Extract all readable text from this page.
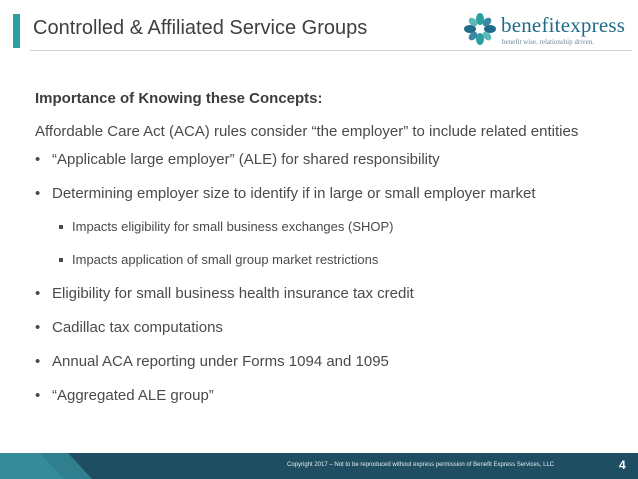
Controlled & Affiliated Service Groups	benefitexpress
benefit wise. relationship driven.
Importance of Knowing these Concepts:
Affordable Care Act (ACA) rules consider “the employer” to include related entities
• “Applicable large employer” (ALE) for shared responsibility
• Determining employer size to identify if in large or small employer market
Impacts eligibility for small business exchanges (SHOP)
Impacts application of small group market restrictions
• Eligibility for small business health insurance tax credit
• Cadillac tax computations
• Annual ACA reporting under Forms 1094 and 1095
• “Aggregated ALE group”
Copyright 2017 – Not to be reproduced without express permission of Benefit Express Services, LLC	4
